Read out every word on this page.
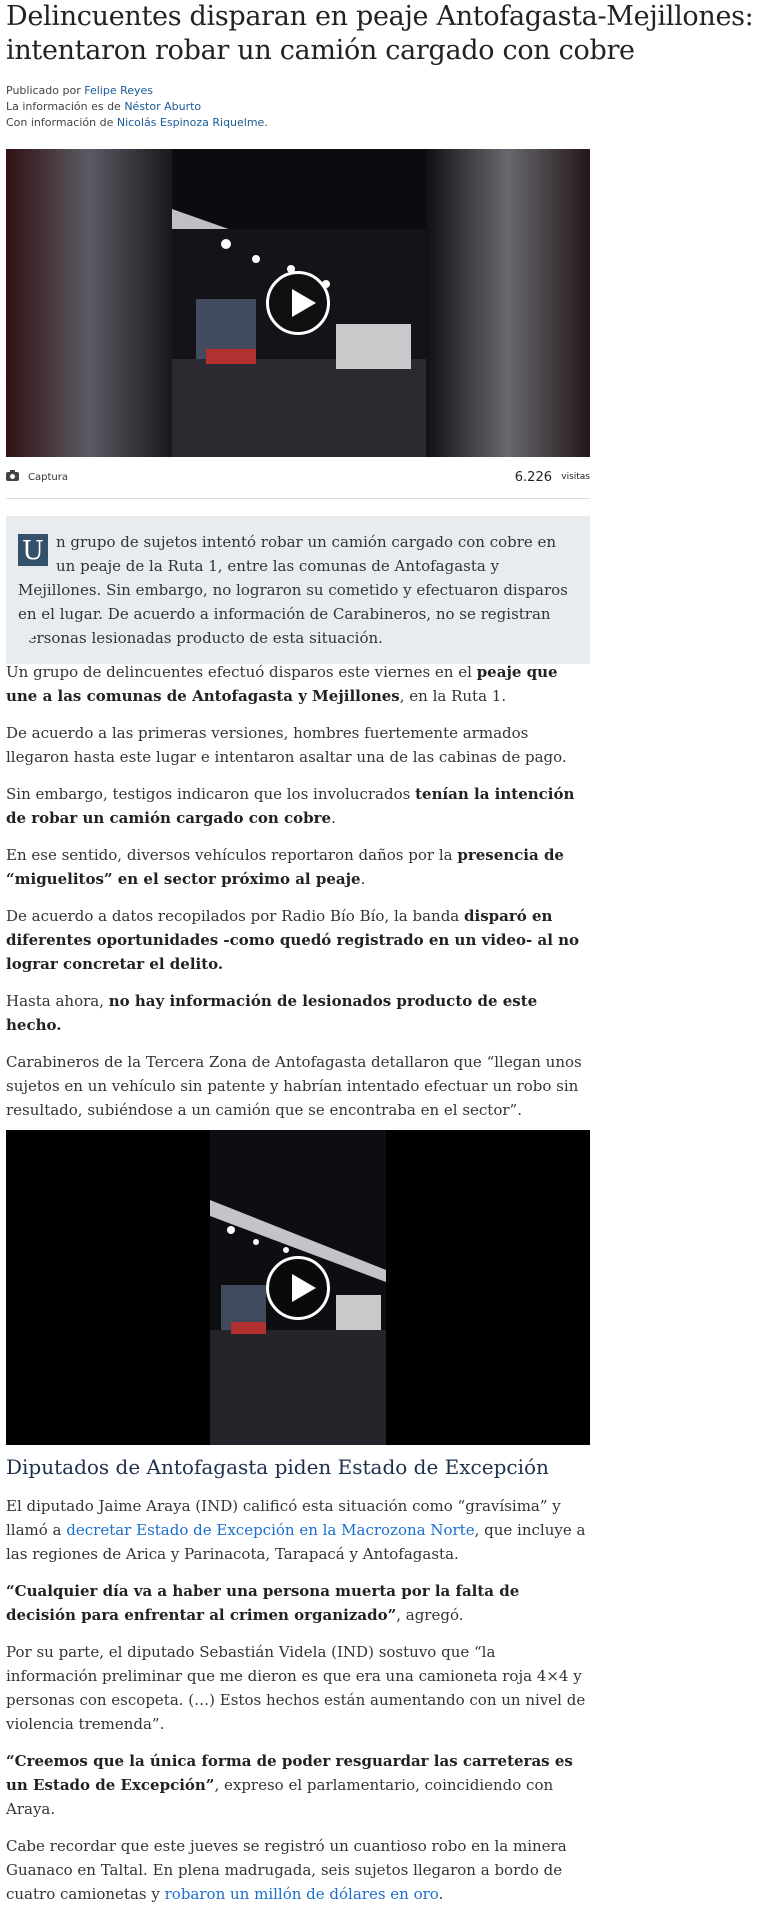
Delincuentes disparan en peaje Antofagasta-Mejillones: intentaron robar un camión cargado con cobre
Publicado por Felipe Reyes
La información es de Néstor Aburto
Con información de Nicolás Espinoza Riquelme.
Captura	6.226 visitas
U n grupo de sujetos intentó robar un camión cargado con cobre en un peaje de la Ruta 1, entre las comunas de Antofagasta y Mejillones. Sin embargo, no lograron su cometido y efectuaron disparos en el lugar. De acuerdo a información de Carabineros, no se registran personas lesionadas producto de esta situación.

Un grupo de delincuentes efectuó disparos este viernes en el peaje que une a las comunas de Antofagasta y Mejillones, en la Ruta 1.

De acuerdo a las primeras versiones, hombres fuertemente armados llegaron hasta este lugar e intentaron asaltar una de las cabinas de pago.

Sin embargo, testigos indicaron que los involucrados tenían la intención de robar un camión cargado con cobre.

En ese sentido, diversos vehículos reportaron daños por la presencia de “miguelitos” en el sector próximo al peaje.

De acuerdo a datos recopilados por Radio Bío Bío, la banda disparó en diferentes oportunidades -como quedó registrado en un video- al no lograr concretar el delito.

Hasta ahora, no hay información de lesionados producto de este hecho.

Carabineros de la Tercera Zona de Antofagasta detallaron que “llegan unos sujetos en un vehículo sin patente y habrían intentado efectuar un robo sin resultado, subiéndose a un camión que se encontraba en el sector”.

Diputados de Antofagasta piden Estado de Excepción

El diputado Jaime Araya (IND) calificó esta situación como “gravísima” y llamó a decretar Estado de Excepción en la Macrozona Norte, que incluye a las regiones de Arica y Parinacota, Tarapacá y Antofagasta.

“Cualquier día va a haber una persona muerta por la falta de decisión para enfrentar al crimen organizado”, agregó.

Por su parte, el diputado Sebastián Videla (IND) sostuvo que “la información preliminar que me dieron es que era una camioneta roja 4×4 y personas con escopeta. (…) Estos hechos están aumentando con un nivel de violencia tremenda”.

“Creemos que la única forma de poder resguardar las carreteras es un Estado de Excepción”, expreso el parlamentario, coincidiendo con Araya.

Cabe recordar que este jueves se registró un cuantioso robo en la minera Guanaco en Taltal. En plena madrugada, seis sujetos llegaron a bordo de cuatro camionetas y robaron un millón de dólares en oro.
